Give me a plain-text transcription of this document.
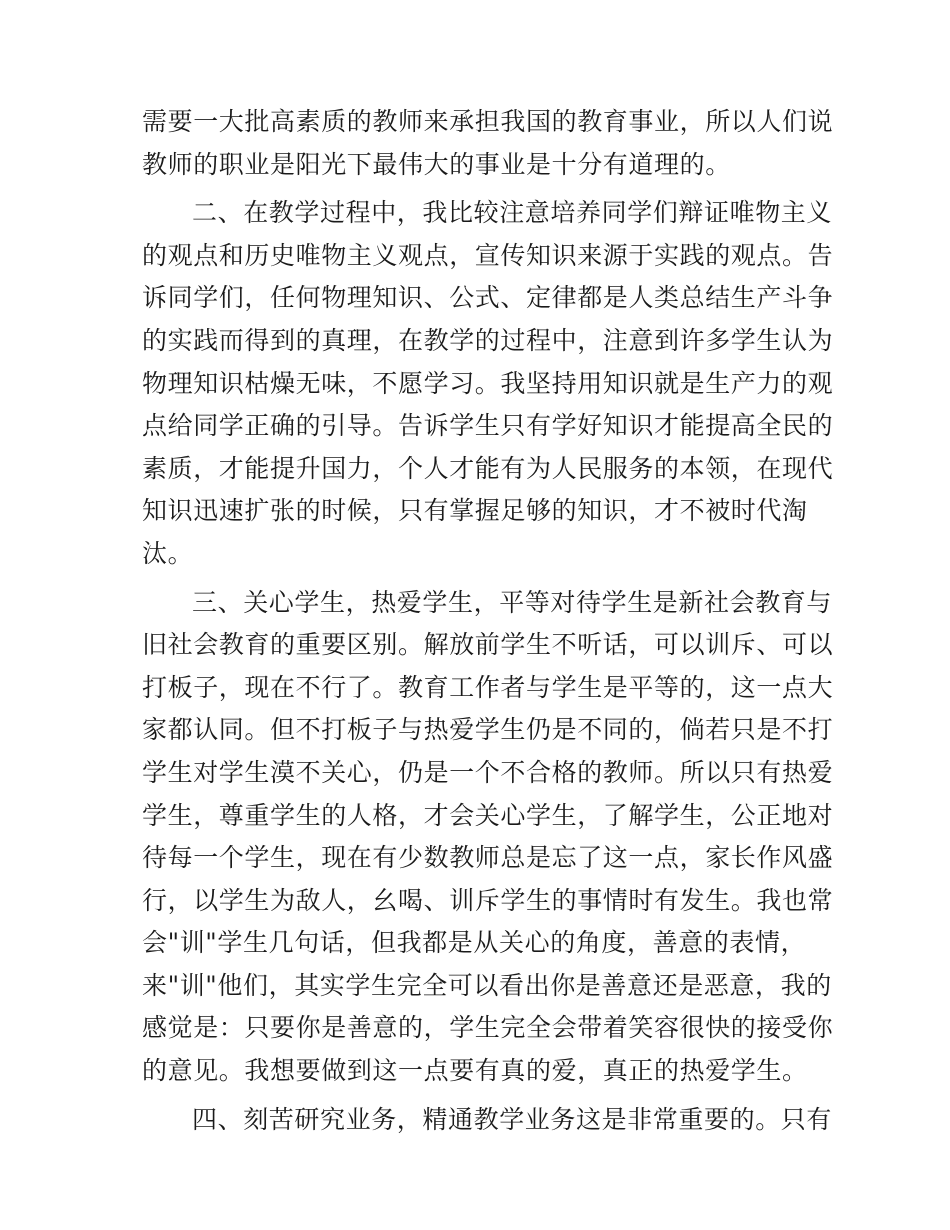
需要一大批高素质的教师来承担我国的教育事业，所以人们说
教师的职业是阳光下最伟大的事业是十分有道理的。
二、在教学过程中，我比较注意培养同学们辩证唯物主义
的观点和历史唯物主义观点，宣传知识来源于实践的观点。告
诉同学们，任何物理知识、公式、定律都是人类总结生产斗争
的实践而得到的真理，在教学的过程中，注意到许多学生认为
物理知识枯燥无味，不愿学习。我坚持用知识就是生产力的观
点给同学正确的引导。告诉学生只有学好知识才能提高全民的
素质，才能提升国力，个人才能有为人民服务的本领，在现代
知识迅速扩张的时候，只有掌握足够的知识，才不被时代淘
汰。
三、关心学生，热爱学生，平等对待学生是新社会教育与
旧社会教育的重要区别。解放前学生不听话，可以训斥、可以
打板子，现在不行了。教育工作者与学生是平等的，这一点大
家都认同。但不打板子与热爱学生仍是不同的，倘若只是不打
学生对学生漠不关心，仍是一个不合格的教师。所以只有热爱
学生，尊重学生的人格，才会关心学生，了解学生，公正地对
待每一个学生，现在有少数教师总是忘了这一点，家长作风盛
行，以学生为敌人，幺喝、训斥学生的事情时有发生。我也常
会"训"学生几句话，但我都是从关心的角度，善意的表情，
来"训"他们，其实学生完全可以看出你是善意还是恶意，我的
感觉是：只要你是善意的，学生完全会带着笑容很快的接受你
的意见。我想要做到这一点要有真的爱，真正的热爱学生。
四、刻苦研究业务，精通教学业务这是非常重要的。只有
